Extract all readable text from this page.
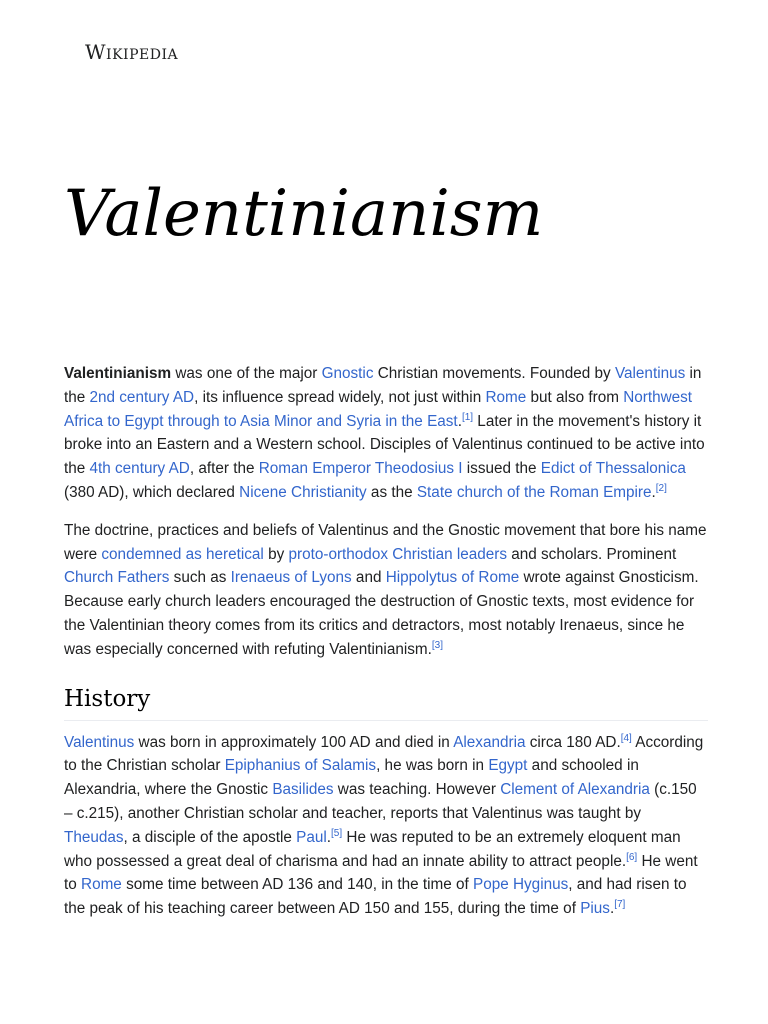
Wikipedia
Valentinianism

Valentinianism was one of the major Gnostic Christian movements. Founded by Valentinus in the 2nd century AD, its influence spread widely, not just within Rome but also from Northwest Africa to Egypt through to Asia Minor and Syria in the East.[1] Later in the movement's history it broke into an Eastern and a Western school. Disciples of Valentinus continued to be active into the 4th century AD, after the Roman Emperor Theodosius I issued the Edict of Thessalonica (380 AD), which declared Nicene Christianity as the State church of the Roman Empire.[2]

The doctrine, practices and beliefs of Valentinus and the Gnostic movement that bore his name were condemned as heretical by proto-orthodox Christian leaders and scholars. Prominent Church Fathers such as Irenaeus of Lyons and Hippolytus of Rome wrote against Gnosticism. Because early church leaders encouraged the destruction of Gnostic texts, most evidence for the Valentinian theory comes from its critics and detractors, most notably Irenaeus, since he was especially concerned with refuting Valentinianism.[3]

History

Valentinus was born in approximately 100 AD and died in Alexandria circa 180 AD.[4] According to the Christian scholar Epiphanius of Salamis, he was born in Egypt and schooled in Alexandria, where the Gnostic Basilides was teaching. However Clement of Alexandria (c.150 – c.215), another Christian scholar and teacher, reports that Valentinus was taught by Theudas, a disciple of the apostle Paul.[5] He was reputed to be an extremely eloquent man who possessed a great deal of charisma and had an innate ability to attract people.[6] He went to Rome some time between AD 136 and 140, in the time of Pope Hyginus, and had risen to the peak of his teaching career between AD 150 and 155, during the time of Pius.[7]
